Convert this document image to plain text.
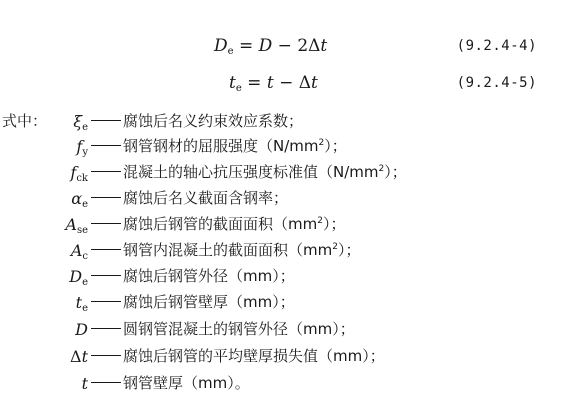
$D_e = D - 2\Delta t$	(9.2.4-4)
$t_e = t - \Delta t$	(9.2.4-5)
式中：	$\xi_e$	腐蚀后名义约束效应系数；
$f_y$	钢管钢材的屈服强度$(N/mm^2)$；
$f_{ck}$	混凝土的轴心抗压强度标准值$(N/mm^2)$；
$\alpha_e$	腐蚀后名义截面含钢率；
$A_{se}$	腐蚀后钢管的截面面积$(mm^2)$；
$A_c$	钢管内混凝土的截面面积$(mm^2)$；
$D_e$	腐蚀后钢管外径（mm）；
$t_e$	腐蚀后钢管壁厚（mm）；
D	圆钢管混凝土的钢管外径（mm）；
Δt	腐蚀后钢管的平均壁厚损失值（mm）；
t	钢管壁厚（mm）。
